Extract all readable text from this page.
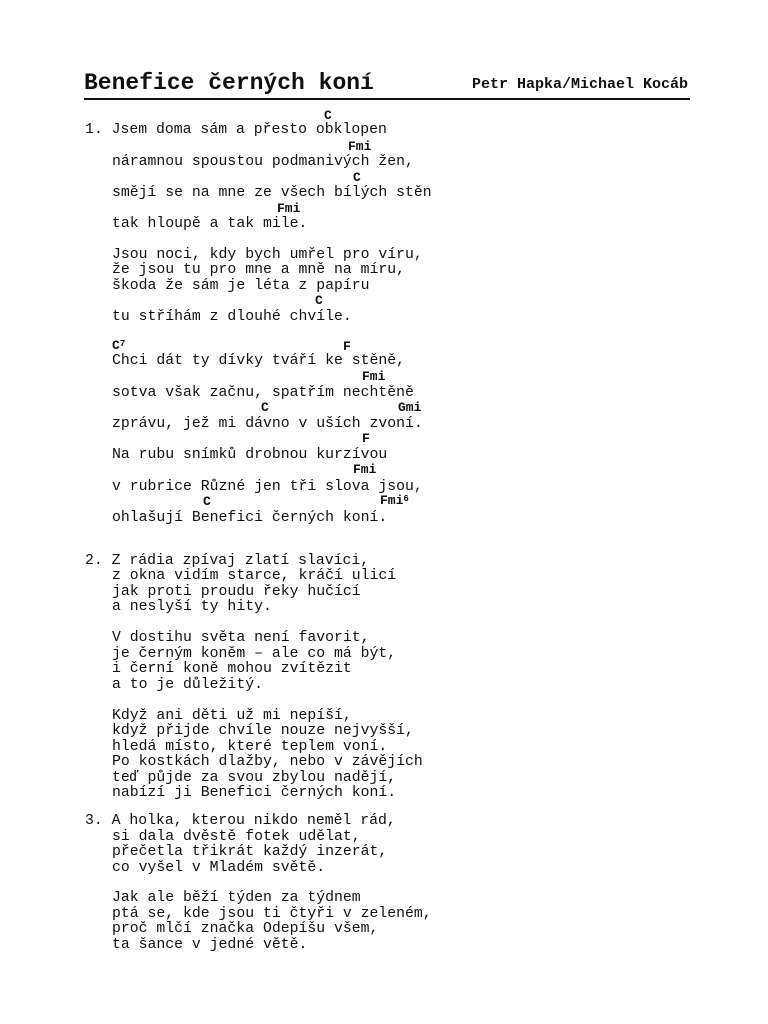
Benefice černých koní	Petr Hapka/Michael Kocáb
C
1. Jsem doma sám a přesto obklopen
Fmi
náramnou spoustou podmanivých žen,
C
smějí se na mne ze všech bílých stěn
Fmi
tak hloupě a tak mile.
Jsou noci, kdy bych umřel pro víru,
že jsou tu pro mne a mně na míru,
škoda že sám je léta z papíru
C
tu stříhám z dlouhé chvíle.
$C^7$	F
Chci dát ty dívky tváří ke stěně,
Fmi
sotva však začnu, spatřím nechtěně
C	Gmi
zprávu, jež mi dávno v uších zvoní.
F
Na rubu snímků drobnou kurzívou
Fmi
v rubrice Různé jen tři slova jsou,
C	Fmi$^6$
ohlašují Benefici černých koní.
2. Z rádia zpívaj zlatí slavíci,
z okna vidím starce, kráčí ulicí
jak proti proudu řeky hučící
a neslyší ty hity.
V dostihu světa není favorit,
je černým koněm – ale co má být,
i černí koně mohou zvítězit
a to je důležitý.
Když ani děti už mi nepíší,
když přijde chvíle nouze nejvyšší,
hledá místo, které teplem voní.
Po kostkách dlažby, nebo v závějích
teď půjde za svou zbylou nadějí,
nabízí ji Benefici černých koní.
3. A holka, kterou nikdo neměl rád,
si dala dvěstě fotek udělat,
přečetla třikrát každý inzerát,
co vyšel v Mladém světě.
Jak ale běží týden za týdnem
ptá se, kde jsou ti čtyři v zeleném,
proč mlčí značka Odepíšu všem,
ta šance v jedné větě.
